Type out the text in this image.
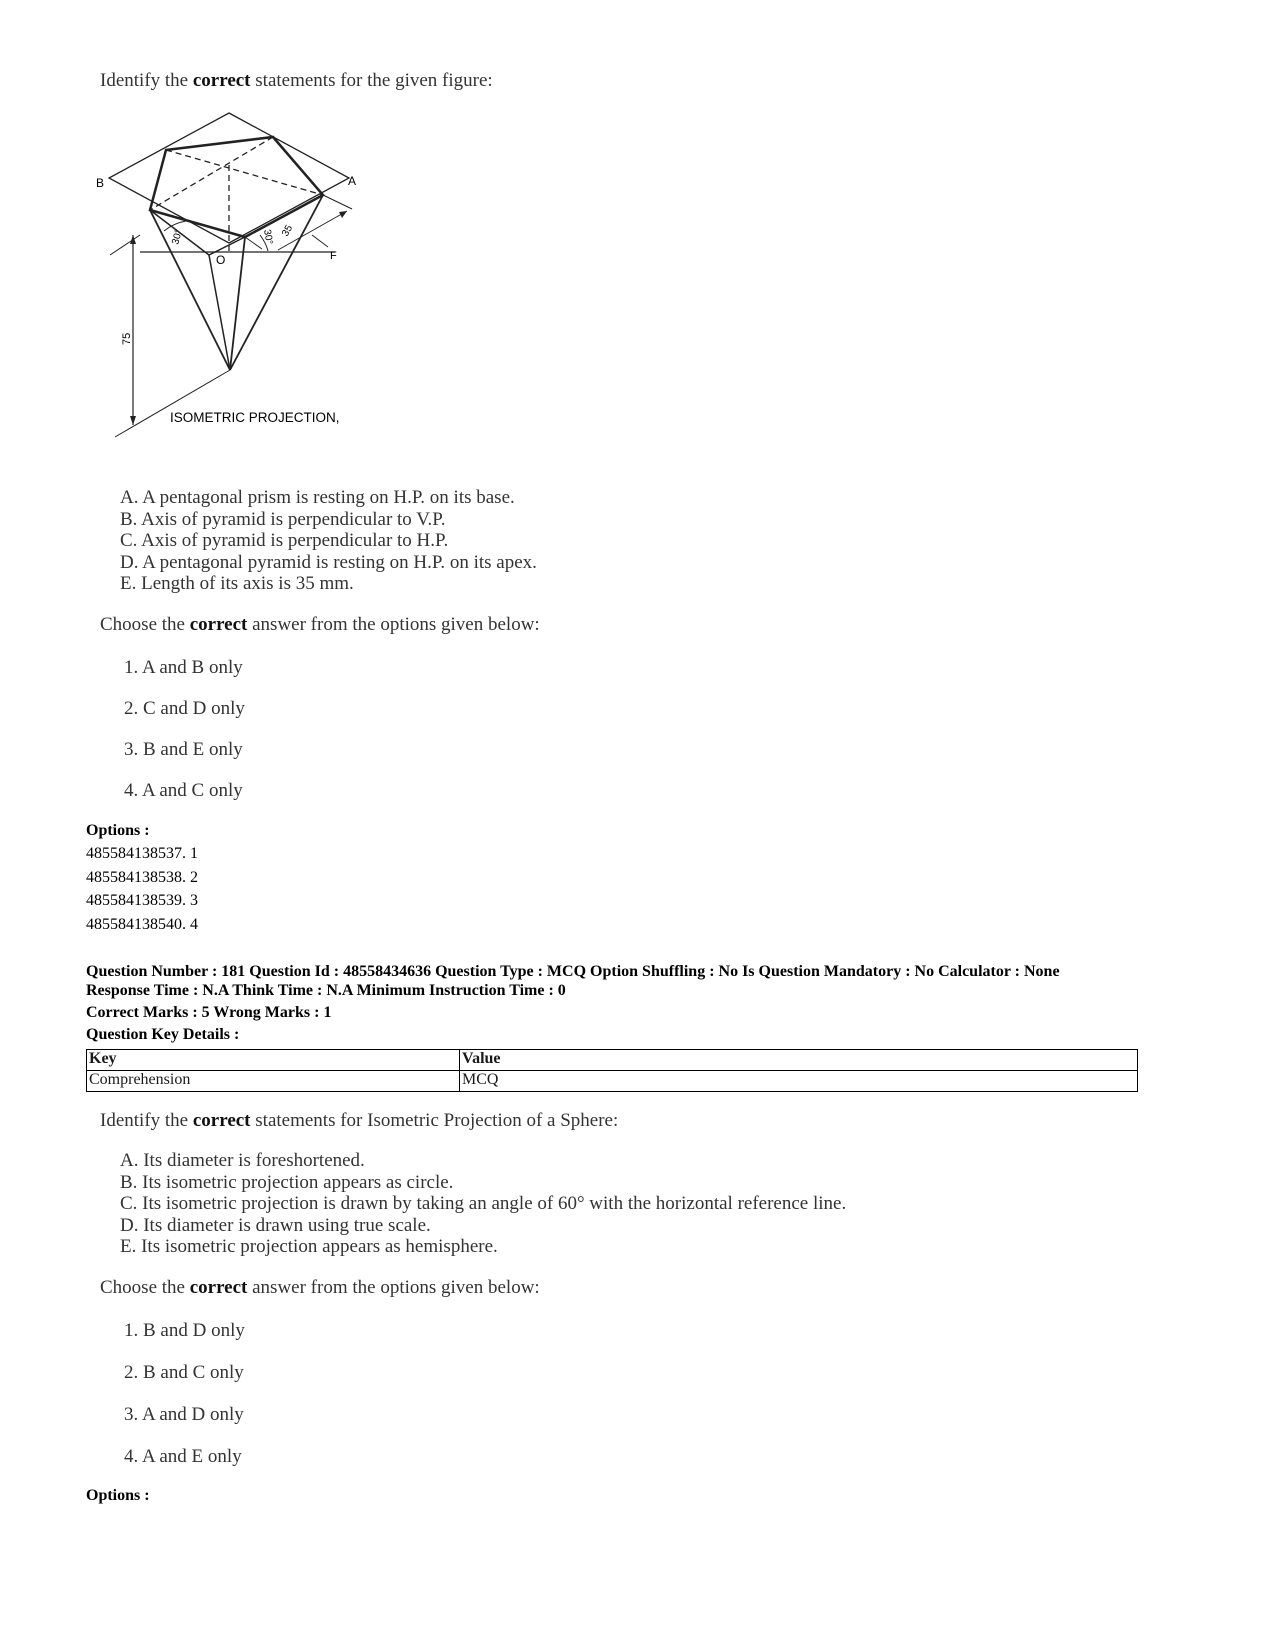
Identify the correct statements for the given figure:
B	A
O	F
30°	30° 35
75
ISOMETRIC PROJECTION,
A. A pentagonal prism is resting on H.P. on its base.
B. Axis of pyramid is perpendicular to V.P.
C. Axis of pyramid is perpendicular to H.P.
D. A pentagonal pyramid is resting on H.P. on its apex.
E. Length of its axis is 35 mm.
Choose the correct answer from the options given below:
1. A and B only
2. C and D only
3. B and E only
4. A and C only
Options :
485584138537. 1
485584138538. 2
485584138539. 3
485584138540. 4
Question Number : 181 Question Id : 48558434636 Question Type : MCQ Option Shuffling : No Is Question Mandatory : No Calculator : None
Response Time : N.A Think Time : N.A Minimum Instruction Time : 0
Correct Marks : 5 Wrong Marks : 1
Question Key Details :
Key	Value
Comprehension	MCQ
Identify the correct statements for Isometric Projection of a Sphere:
A. Its diameter is foreshortened.
B. Its isometric projection appears as circle.
C. Its isometric projection is drawn by taking an angle of 60° with the horizontal reference line.
D. Its diameter is drawn using true scale.
E. Its isometric projection appears as hemisphere.
Choose the correct answer from the options given below:
1. B and D only
2. B and C only
3. A and D only
4. A and E only
Options :
